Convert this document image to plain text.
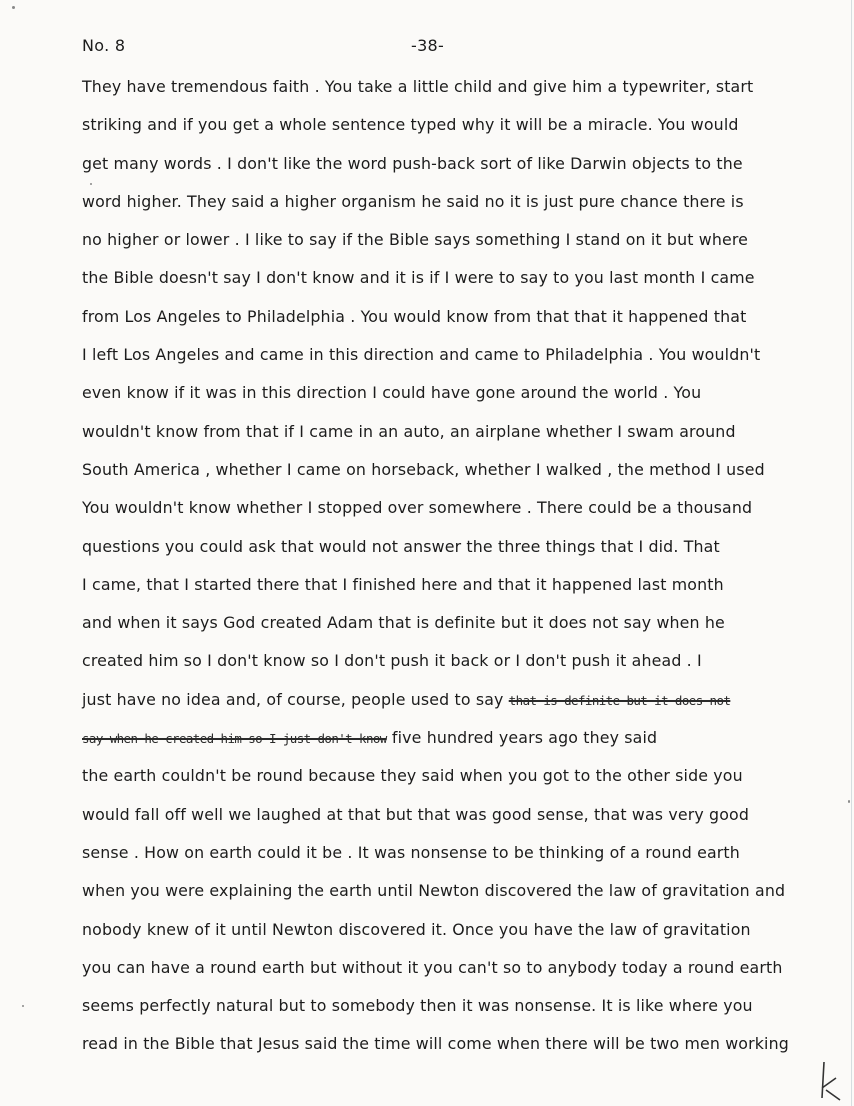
No. 8	-38-
They have tremendous faith . You take a little child and give him a typewriter, start
striking and if you get a whole sentence typed why it will be a miracle. You would
get many words . I don't like the word push-back sort of like Darwin objects to the
word higher. They said a higher organism he said no it is just pure chance there is
no higher or lower . I like to say if the Bible says something I stand on it but where
the Bible doesn't say I don't know and it is if I were to say to you last month I came
from Los Angeles to Philadelphia . You would know from that that it happened that
I left Los Angeles and came in this direction and came to Philadelphia . You wouldn't
even know if it was in this direction I could have gone around the world . You
wouldn't know from that if I came in an auto, an airplane whether I swam around
South America , whether I came on horseback, whether I walked , the method I used
You wouldn't know whether I stopped over somewhere . There could be a thousand
questions you could ask that would not answer the three things that I did. That
I came, that I started there that I finished here and that it happened last month
and when it says God created Adam that is definite but it does not say when he
created him so I don't know so I don't push it back or I don't push it ahead . I
just have no idea and, of course, people used to say that is definite but it does not
say when he created him so I just don't know five hundred years ago they said
the earth couldn't be round because they said when you got to the other side you
would fall off well we laughed at that but that was good sense, that was very good
sense . How on earth could it be . It was nonsense to be thinking of a round earth
when you were explaining the earth until Newton discovered the law of gravitation and
nobody knew of it until Newton discovered it. Once you have the law of gravitation
you can have a round earth but without it you can't so to anybody today a round earth
seems perfectly natural but to somebody then it was nonsense. It is like where you
read in the Bible that Jesus said the time will come when there will be two men working
